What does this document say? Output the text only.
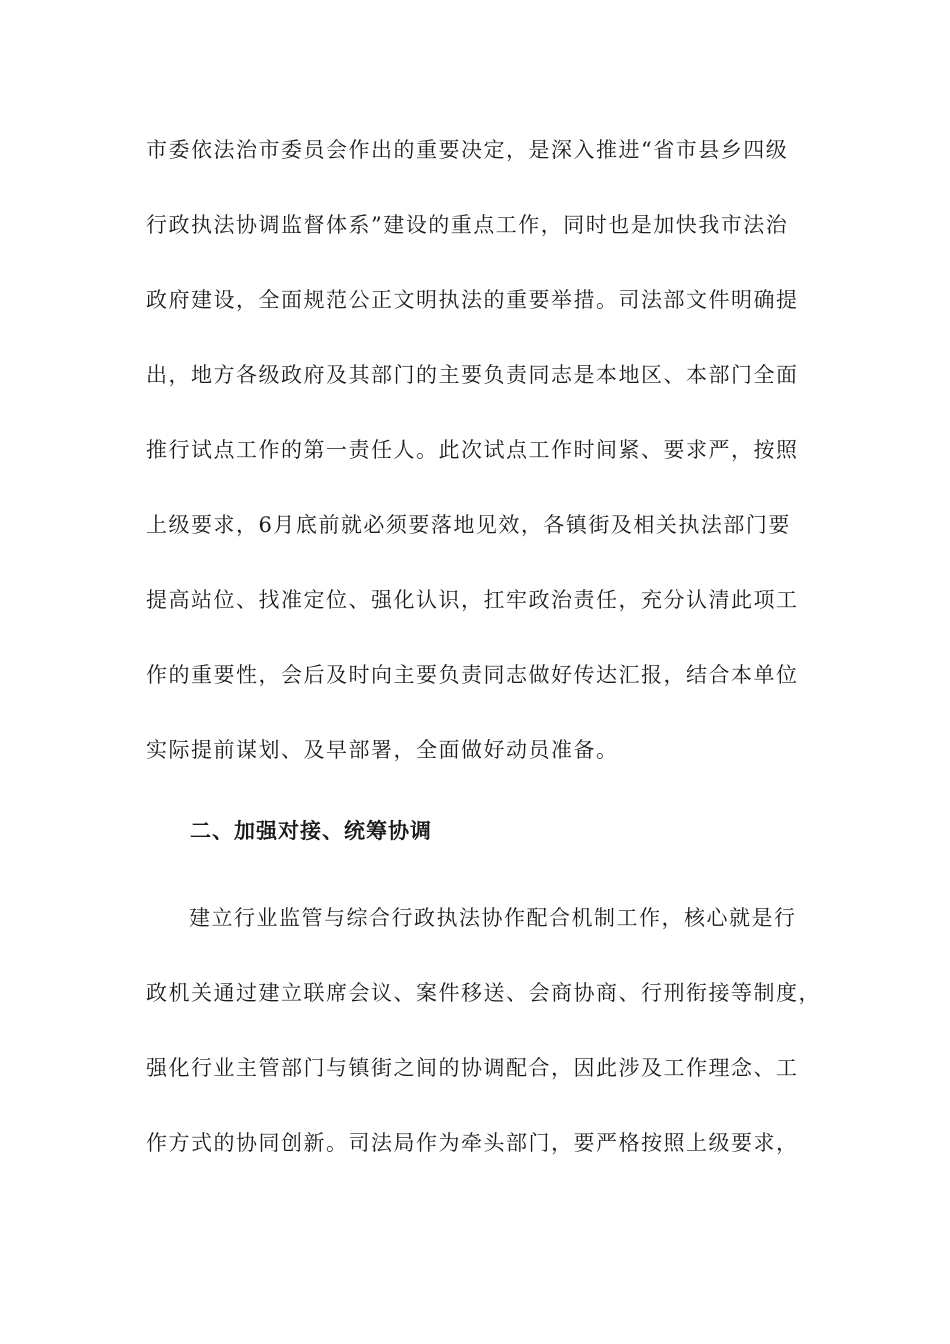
市委依法治市委员会作出的重要决定，是深入推进“省市县乡四级
行政执法协调监督体系”建设的重点工作，同时也是加快我市法治
政府建设，全面规范公正文明执法的重要举措。司法部文件明确提
出，地方各级政府及其部门的主要负责同志是本地区、本部门全面
推行试点工作的第一责任人。此次试点工作时间紧、要求严，按照
上级要求，6月底前就必须要落地见效，各镇街及相关执法部门要
提高站位、找准定位、强化认识，扛牢政治责任，充分认清此项工
作的重要性，会后及时向主要负责同志做好传达汇报，结合本单位
实际提前谋划、及早部署，全面做好动员准备。
二、加强对接、统筹协调
建立行业监管与综合行政执法协作配合机制工作，核心就是行
政机关通过建立联席会议、案件移送、会商协商、行刑衔接等制度，
强化行业主管部门与镇街之间的协调配合，因此涉及工作理念、工
作方式的协同创新。司法局作为牵头部门，要严格按照上级要求，
